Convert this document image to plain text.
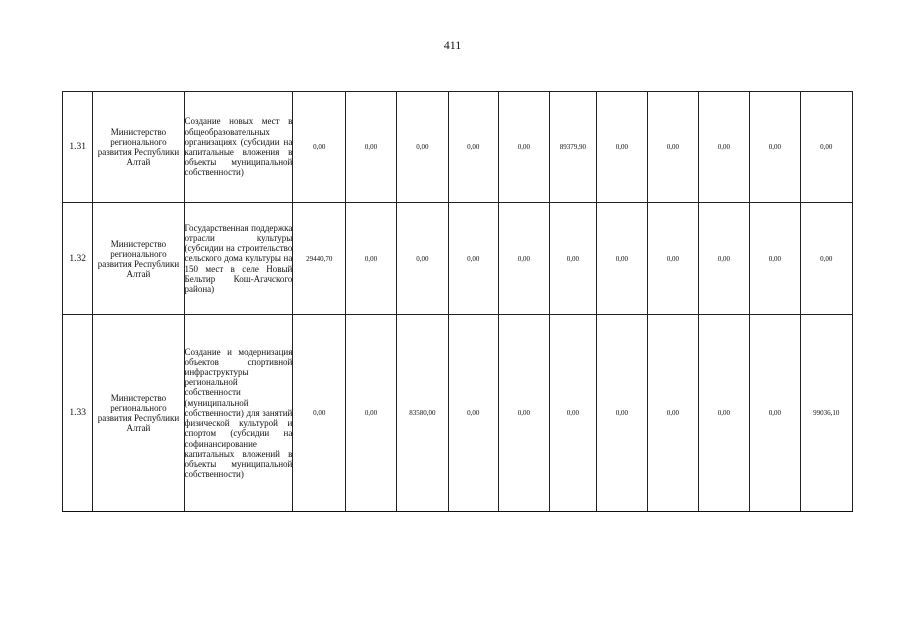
411
1.31	Министерство регионального развития Республики Алтай	Создание новых мест в общеобразовательных организациях (субсидии на капитальные вложения в объекты муниципальной собственности)	0,00	0,00	0,00	0,00	0,00	89379,90	0,00	0,00	0,00	0,00	0,00
1.32	Министерство регионального развития Республики Алтай	Государственная поддержка отрасли культуры (субсидии на строительство сельского дома культуры на 150 мест в селе Новый Бельтир Кош-Агачского района)	29440,70	0,00	0,00	0,00	0,00	0,00	0,00	0,00	0,00	0,00	0,00
1.33	Министерство регионального развития Республики Алтай	Создание и модернизация объектов спортивной инфраструктуры региональной собственности (муниципальной собственности) для занятий физической культурой и спортом (субсидии на софинансирование капитальных вложений в объекты муниципальной собственности)	0,00	0,00	83580,00	0,00	0,00	0,00	0,00	0,00	0,00	0,00	99036,10
